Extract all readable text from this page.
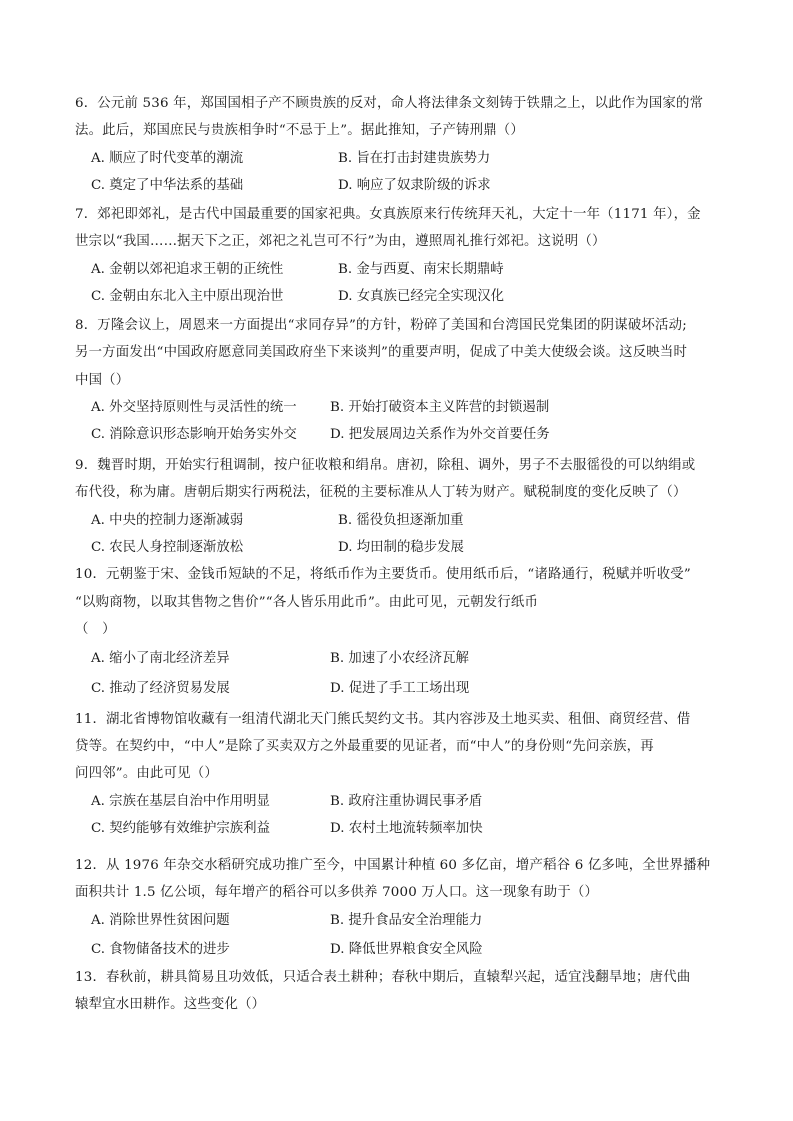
6．公元前 536 年，郑国国相子产不顾贵族的反对，命人将法律条文刻铸于铁鼎之上，以此作为国家的常
法。此后，郑国庶民与贵族相争时“不忌于上”。据此推知，子产铸刑鼎（）
A. 顺应了时代变革的潮流	B. 旨在打击封建贵族势力
C. 奠定了中华法系的基础	D. 响应了奴隶阶级的诉求
7．郊祀即郊礼，是古代中国最重要的国家祀典。女真族原来行传统拜天礼，大定十一年（1171 年），金
世宗以“我国……据天下之正，郊祀之礼岂可不行”为由，遵照周礼推行郊祀。这说明（）
A. 金朝以郊祀追求王朝的正统性	B. 金与西夏、南宋长期鼎峙
C. 金朝由东北入主中原出现治世	D. 女真族已经完全实现汉化
8．万隆会议上，周恩来一方面提出“求同存异”的方针，粉碎了美国和台湾国民党集团的阴谋破坏活动;
另一方面发出“中国政府愿意同美国政府坐下来谈判”的重要声明，促成了中美大使级会谈。这反映当时
中国（）
A. 外交坚持原则性与灵活性的统一 B. 开始打破资本主义阵营的封锁遏制
C. 消除意识形态影响开始务实外交 D. 把发展周边关系作为外交首要任务
9．魏晋时期，开始实行租调制，按户征收粮和绢帛。唐初，除租、调外，男子不去服徭役的可以纳绢或
布代役，称为庸。唐朝后期实行两税法，征税的主要标准从人丁转为财产。赋税制度的变化反映了（）
A. 中央的控制力逐渐减弱	B. 徭役负担逐渐加重
C. 农民人身控制逐渐放松	D. 均田制的稳步发展
10．元朝鉴于宋、金钱币短缺的不足，将纸币作为主要货币。使用纸币后，“诸路通行，税赋并听收受”
“以购商物，以取其售物之售价”“各人皆乐用此币”。由此可见，元朝发行纸币
（　）
A. 缩小了南北经济差异	B. 加速了小农经济瓦解
C. 推动了经济贸易发展	D. 促进了手工工场出现
11．湖北省博物馆收藏有一组清代湖北天门熊氏契约文书。其内容涉及土地买卖、租佃、商贸经营、借
贷等。在契约中，“中人”是除了买卖双方之外最重要的见证者，而“中人”的身份则“先问亲族，再
问四邻”。由此可见（）
A. 宗族在基层自治中作用明显	B. 政府注重协调民事矛盾
C. 契约能够有效维护宗族利益	D. 农村土地流转频率加快
12．从 1976 年杂交水稻研究成功推广至今，中国累计种植 60 多亿亩，增产稻谷 6 亿多吨，全世界播种
面积共计 1.5 亿公顷，每年增产的稻谷可以多供养 7000 万人口。这一现象有助于（）
A. 消除世界性贫困问题	B. 提升食品安全治理能力
C. 食物储备技术的进步	D. 降低世界粮食安全风险
13．春秋前，耕具简易且功效低，只适合表土耕种；春秋中期后，直辕犁兴起，适宜浅翻旱地；唐代曲
辕犁宜水田耕作。这些变化（）
